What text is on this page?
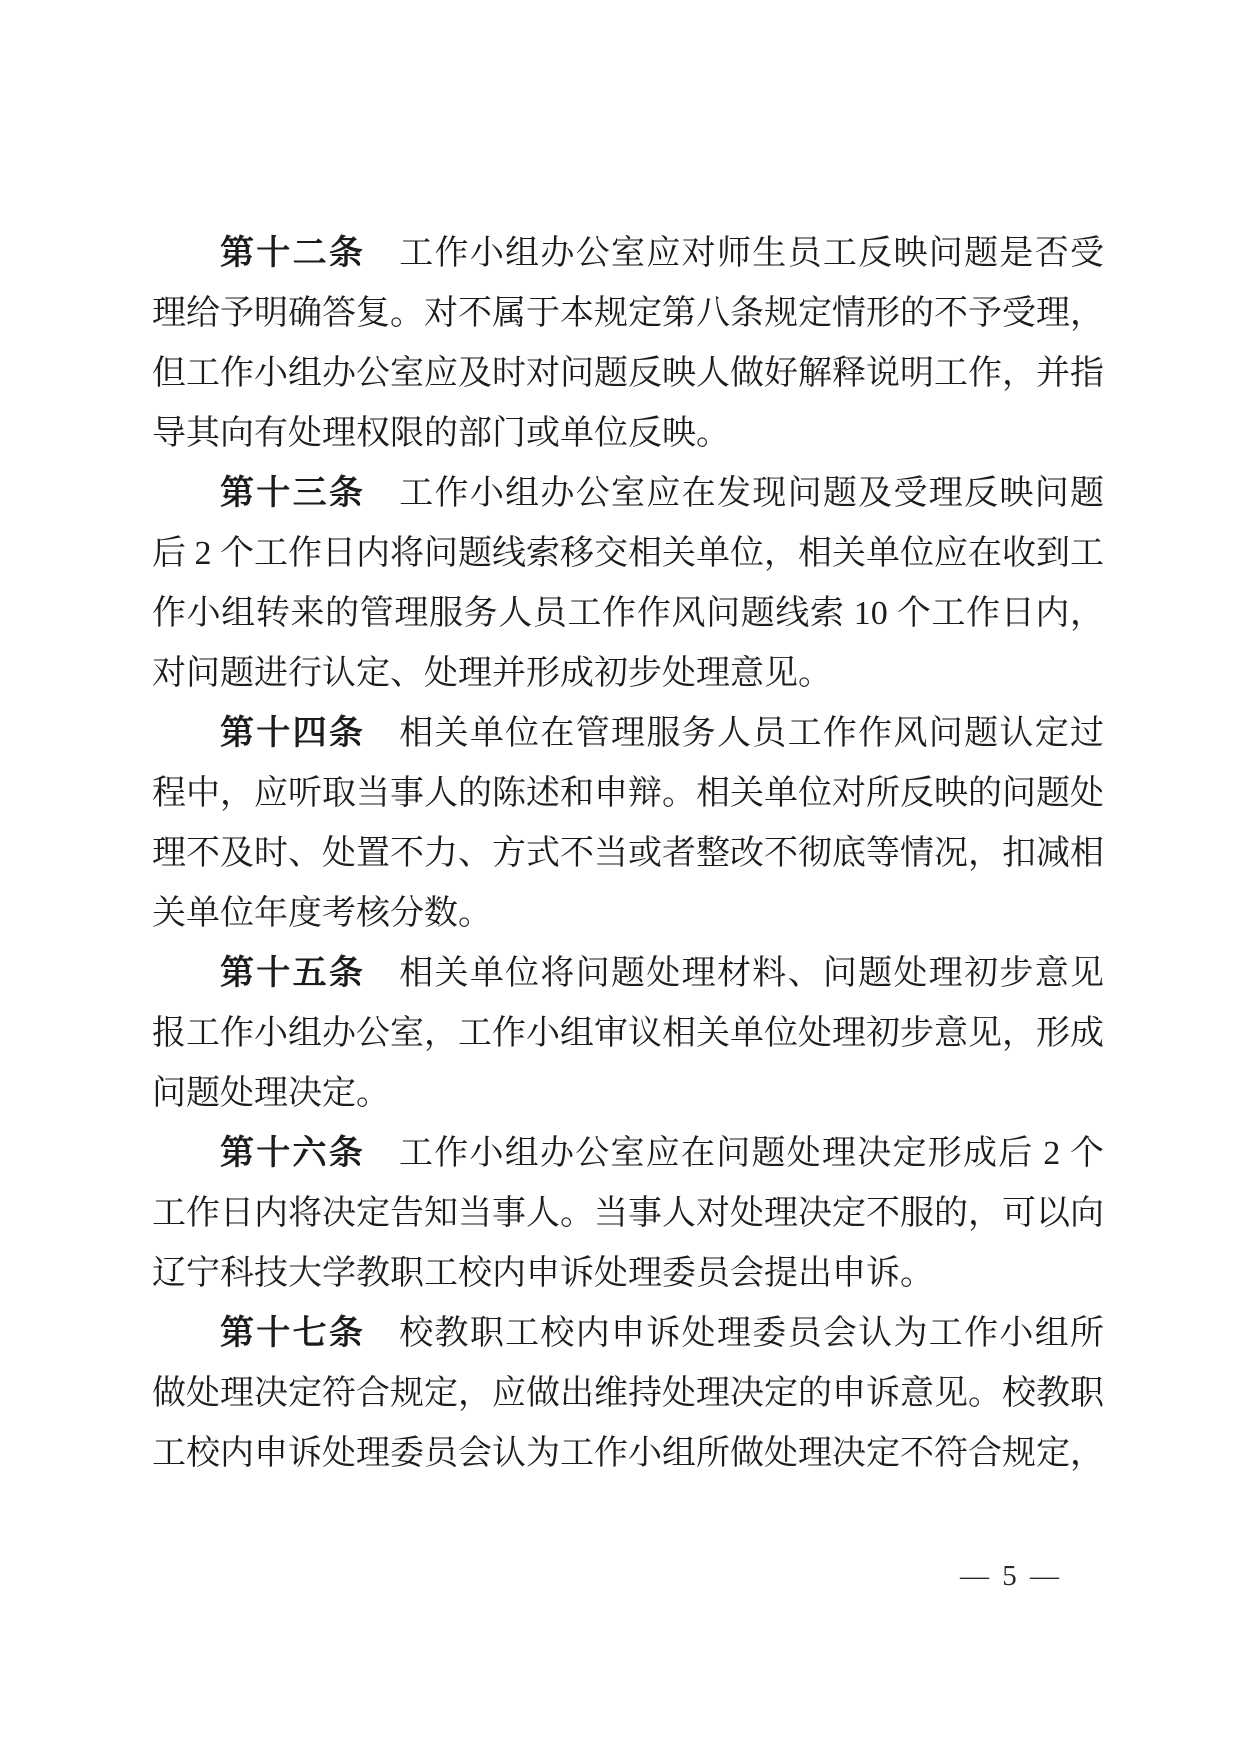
第十二条 工作小组办公室应对师生员工反映问题是否受理给予明确答复。对不属于本规定第八条规定情形的不予受理，但工作小组办公室应及时对问题反映人做好解释说明工作，并指导其向有处理权限的部门或单位反映。

第十三条 工作小组办公室应在发现问题及受理反映问题后 2 个工作日内将问题线索移交相关单位，相关单位应在收到工作小组转来的管理服务人员工作作风问题线索 10 个工作日内，对问题进行认定、处理并形成初步处理意见。

第十四条 相关单位在管理服务人员工作作风问题认定过程中，应听取当事人的陈述和申辩。相关单位对所反映的问题处理不及时、处置不力、方式不当或者整改不彻底等情况，扣减相关单位年度考核分数。

第十五条 相关单位将问题处理材料、问题处理初步意见报工作小组办公室，工作小组审议相关单位处理初步意见，形成问题处理决定。

第十六条 工作小组办公室应在问题处理决定形成后 2 个工作日内将决定告知当事人。当事人对处理决定不服的，可以向辽宁科技大学教职工校内申诉处理委员会提出申诉。

第十七条 校教职工校内申诉处理委员会认为工作小组所做处理决定符合规定，应做出维持处理决定的申诉意见。校教职工校内申诉处理委员会认为工作小组所做处理决定不符合规定，

— 5 —
